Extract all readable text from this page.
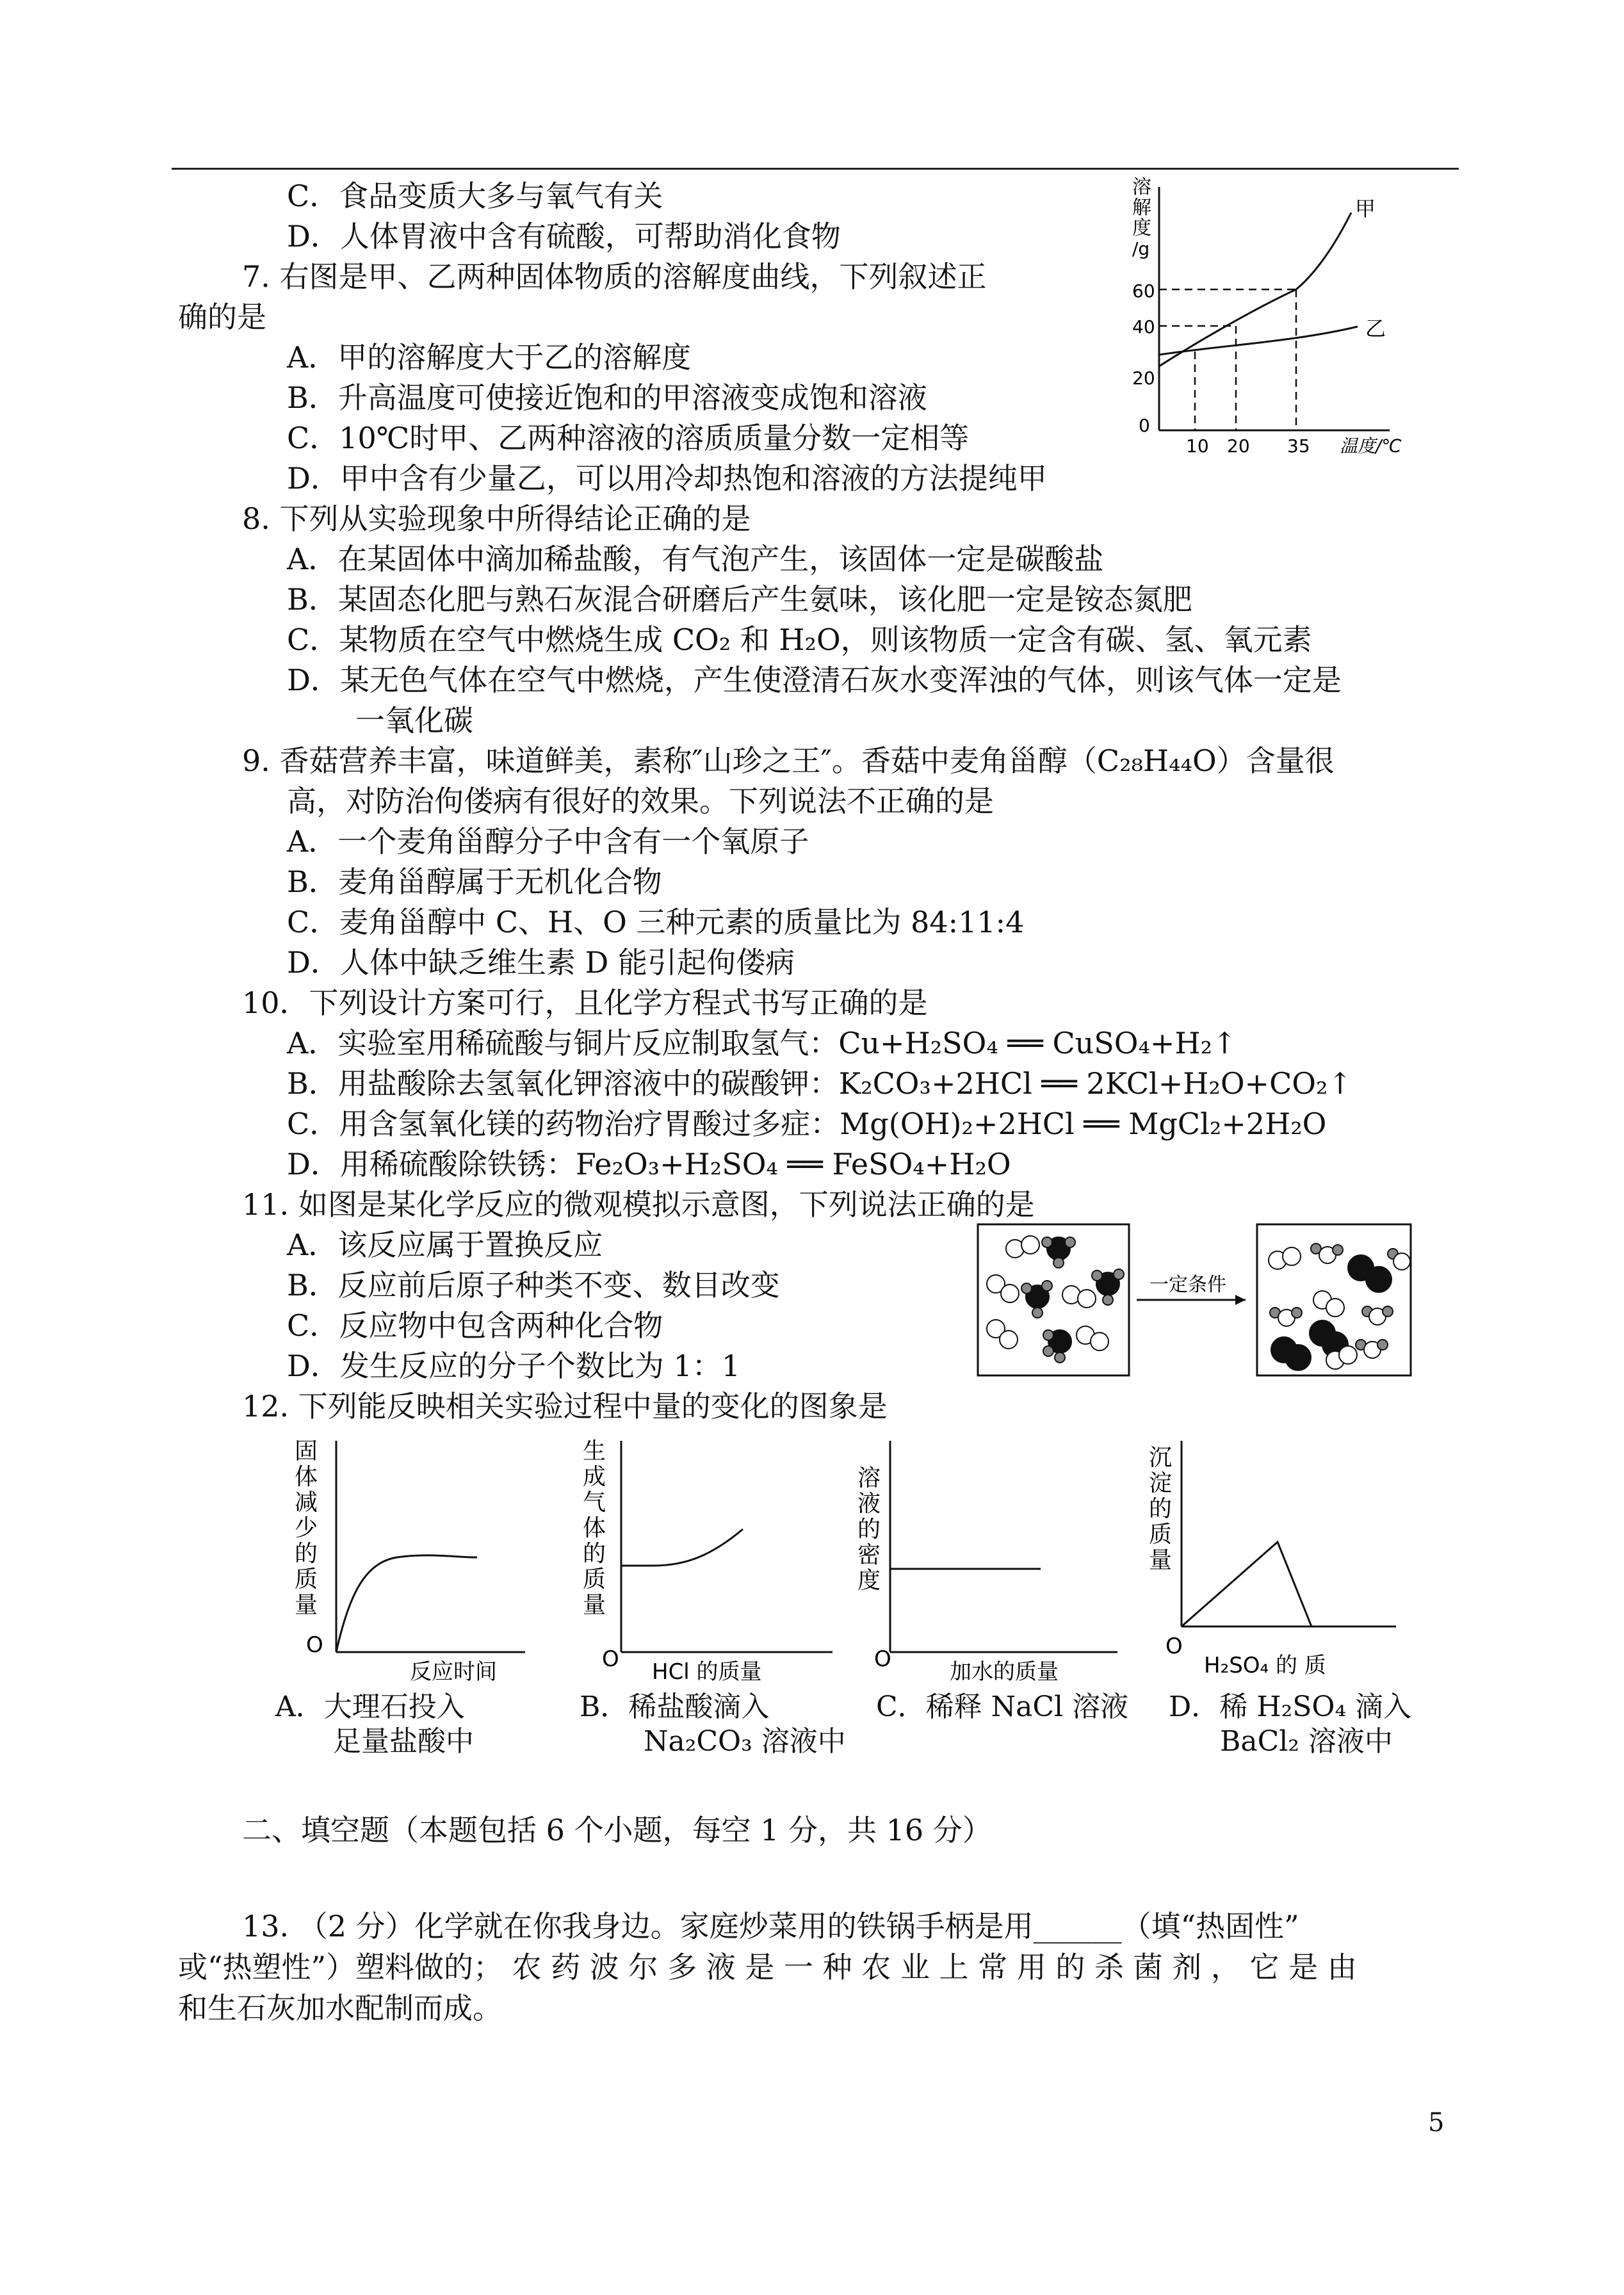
C．食品变质大多与氧气有关
D．人体胃液中含有硫酸，可帮助消化食物
7. 右图是甲、乙两种固体物质的溶解度曲线，下列叙述正
确的是
A．甲的溶解度大于乙的溶解度
B．升高温度可使接近饱和的甲溶液变成饱和溶液
C．10℃时甲、乙两种溶液的溶质质量分数一定相等
D．甲中含有少量乙，可以用冷却热饱和溶液的方法提纯甲
8. 下列从实验现象中所得结论正确的是
A．在某固体中滴加稀盐酸，有气泡产生，该固体一定是碳酸盐
B．某固态化肥与熟石灰混合研磨后产生氨味，该化肥一定是铵态氮肥
C．某物质在空气中燃烧生成 CO₂ 和 H₂O，则该物质一定含有碳、氢、氧元素
D．某无色气体在空气中燃烧，产生使澄清石灰水变浑浊的气体，则该气体一定是
一氧化碳
9. 香菇营养丰富，味道鲜美，素称″山珍之王″。香菇中麦角甾醇（C₂₈H₄₄O）含量很
高，对防治佝偻病有很好的效果。下列说法不正确的是
A．一个麦角甾醇分子中含有一个氧原子
B．麦角甾醇属于无机化合物
C．麦角甾醇中 C、H、O 三种元素的质量比为 84:11:4
D．人体中缺乏维生素 D 能引起佝偻病
10．下列设计方案可行，且化学方程式书写正确的是
A．实验室用稀硫酸与铜片反应制取氢气：Cu+H₂SO₄ ══ CuSO₄+H₂↑
B．用盐酸除去氢氧化钾溶液中的碳酸钾：K₂CO₃+2HCl ══ 2KCl+H₂O+CO₂↑
C．用含氢氧化镁的药物治疗胃酸过多症：Mg(OH)₂+2HCl ══ MgCl₂+2H₂O
D．用稀硫酸除铁锈：Fe₂O₃+H₂SO₄ ══ FeSO₄+H₂O
11. 如图是某化学反应的微观模拟示意图，下列说法正确的是
A．该反应属于置换反应
B．反应前后原子种类不变、数目改变
C．反应物中包含两种化合物
D．发生反应的分子个数比为 1：1
12. 下列能反映相关实验过程中量的变化的图象是
二、填空题（本题包括 6 个小题，每空 1 分，共 16 分）
13. （2 分）化学就在你我身边。家庭炒菜用的铁锅手柄是用______（填“热固性”
或“热塑性”）塑料做的； 农 药 波 尔 多 液 是 一 种 农 业 上 常 用 的 杀 菌 剂 ， 它 是 由
和生石灰加水配制而成。
溶
解
度
/g
60
40
20
0
10 20 35 温度/℃
甲
乙
一定条件
O
反应时间
固
体
减
少
的
质
量
O HCl 的质量
生
成
气
体
的
质
量
O	加水的质量
溶
液
的
密
度
O
H₂SO₄ 的 质
沉
淀
的
质
量
A．大理石投入
足量盐酸中
B．稀盐酸滴入
Na₂CO₃ 溶液中
C．稀释 NaCl 溶液 D．稀 H₂SO₄ 滴入
BaCl₂ 溶液中
5
